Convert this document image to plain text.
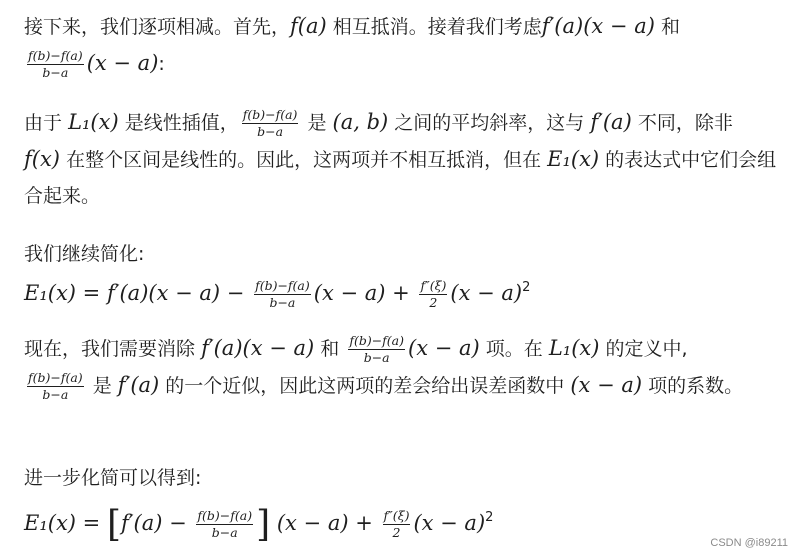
接下来，我们逐项相减。首先，f(a) 相互抵消。接着我们考虑f′(a)(x − a) 和

$\frac{f(b)-f(a)}{b-a} (x - a)$:
由于 L₁(x) 是线性插值， $\frac{f(b)-f(a)}{b-a}$ 是 (a, b) 之间的平均斜率，这与 f′(a) 不同，除非
f(x) 在整个区间是线性的。因此，这两项并不相互抵消，但在 E₁(x) 的表达式中它们会组合起来。
我们继续简化:
$E_1(x) = f'(a)(x - a) - \frac{f(b)-f(a)}{b-a} (x - a) + \frac{f''(\xi)}{2} (x - a)^2$
现在，我们需要消除 f′(a)(x − a) 和 $\frac{f(b)-f(a)}{b-a} (x - a)$ 项。在 L₁(x) 的定义中,

$\frac{f(b)-f(a)}{b-a}$ 是 f′(a) 的一个近似，因此这两项的差会给出误差函数中 (x − a) 项的系数。
进一步化简可以得到:
$E_1(x) = [f'(a) - \frac{f(b)-f(a)}{b-a}$ ] $(x - a) + \frac{f''(\xi)}{2} (x - a)^2$
CSDN @i89211
